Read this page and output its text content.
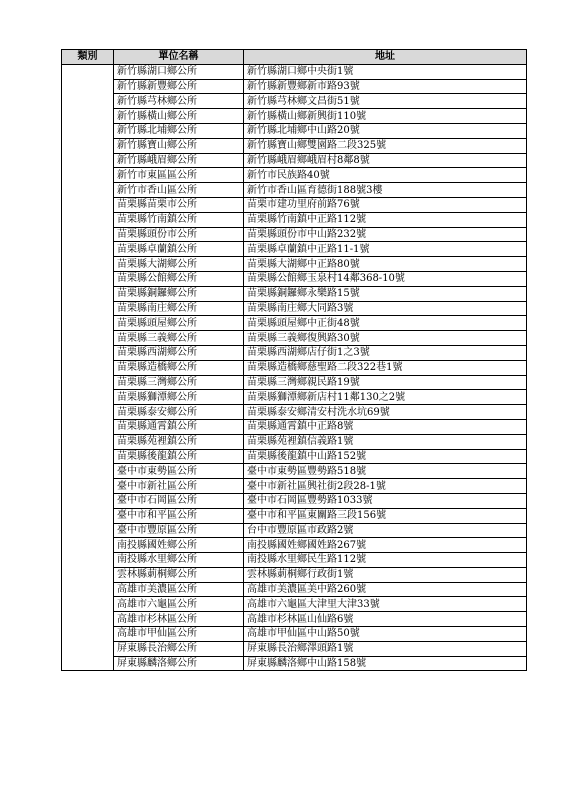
類別	單位名稱	地址
	新竹縣湖口鄉公所	新竹縣湖口鄉中央街1號
	新竹縣新豐鄉公所	新竹縣新豐鄉新市路93號
	新竹縣芎林鄉公所	新竹縣芎林鄉文昌街51號
	新竹縣橫山鄉公所	新竹縣橫山鄉新興街110號
	新竹縣北埔鄉公所	新竹縣北埔鄉中山路20號
	新竹縣寶山鄉公所	新竹縣寶山鄉雙園路二段325號
	新竹縣峨眉鄉公所	新竹縣峨眉鄉峨眉村8鄰8號
	新竹市東區區公所	新竹市民族路40號
	新竹市香山區公所	新竹市香山區育德街188號3樓
	苗栗縣苗栗市公所	苗栗市建功里府前路76號
	苗栗縣竹南鎮公所	苗栗縣竹南鎮中正路112號
	苗栗縣頭份市公所	苗栗縣頭份市中山路232號
	苗栗縣卓蘭鎮公所	苗栗縣卓蘭鎮中正路11-1號
	苗栗縣大湖鄉公所	苗栗縣大湖鄉中正路80號
	苗栗縣公館鄉公所	苗栗縣公館鄉玉泉村14鄰368-10號
	苗栗縣銅鑼鄉公所	苗栗縣銅鑼鄉永樂路15號
	苗栗縣南庄鄉公所	苗栗縣南庄鄉大同路3號
	苗栗縣頭屋鄉公所	苗栗縣頭屋鄉中正街48號
	苗栗縣三義鄉公所	苗栗縣三義鄉復興路30號
	苗栗縣西湖鄉公所	苗栗縣西湖鄉店仔街1之3號
	苗栗縣造橋鄉公所	苗栗縣造橋鄉慈聖路二段322巷1號
	苗栗縣三灣鄉公所	苗栗縣三灣鄉親民路19號
	苗栗縣獅潭鄉公所	苗栗縣獅潭鄉新店村11鄰130之2號
	苗栗縣泰安鄉公所	苗栗縣泰安鄉清安村洗水坑69號
	苗栗縣通霄鎮公所	苗栗縣通霄鎮中正路8號
	苗栗縣苑裡鎮公所	苗栗縣苑裡鎮信義路1號
	苗栗縣後龍鎮公所	苗栗縣後龍鎮中山路152號
	臺中市東勢區公所	臺中市東勢區豐勢路518號
	臺中市新社區公所	臺中市新社區興社街2段28-1號
	臺中市石岡區公所	臺中市石岡區豐勢路1033號
	臺中市和平區公所	臺中市和平區東關路三段156號
	臺中市豐原區公所	台中市豐原區市政路2號
	南投縣國姓鄉公所	南投縣國姓鄉國姓路267號
	南投縣水里鄉公所	南投縣水里鄉民生路112號
	雲林縣莿桐鄉公所	雲林縣莿桐鄉行政街1號
	高雄市美濃區公所	高雄市美濃區美中路260號
	高雄市六龜區公所	高雄市六龜區大津里大津33號
	高雄市杉林區公所	高雄市杉林區山仙路6號
	高雄市甲仙區公所	高雄市甲仙區中山路50號
	屏東縣長治鄉公所	屏東縣長治鄉澤頭路1號
	屏東縣麟洛鄉公所	屏東縣麟洛鄉中山路158號
